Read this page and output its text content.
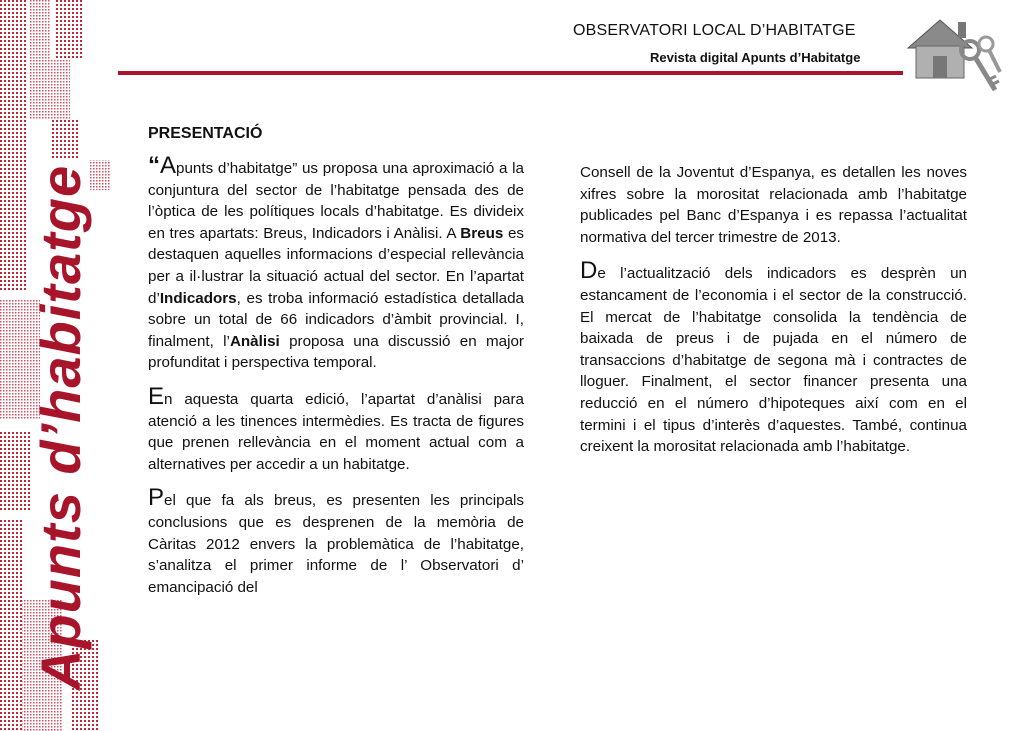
Apunts d’habitatge
OBSERVATORI LOCAL D’HABITATGE
Revista digital Apunts d’Habitatge
PRESENTACIÓ

“Apunts d’habitatge” us proposa una aproximació a la conjuntura del sector de l’habitatge pensada des de l’òptica de les polítiques locals d’habitatge. Es divideix en tres apartats: Breus, Indicadors i Anàlisi. A Breus es destaquen aquelles informacions d’especial rellevància per a il·lustrar la situació actual del sector. En l’apartat d’Indicadors, es troba informació estadística detallada sobre un total de 66 indicadors d’àmbit provincial. I, finalment, l’Anàlisi proposa una discussió en major profunditat i perspectiva temporal.

En aquesta quarta edició, l’apartat d’anàlisi para atenció a les tinences intermèdies. Es tracta de figures que prenen rellevància en el moment actual com a alternatives per accedir a un habitatge.

Pel que fa als breus, es presenten les principals conclusions que es desprenen de la memòria de Càritas 2012 envers la problemàtica de l’habitatge, s’analitza el primer informe de l’ Observatori d’ emancipació del

Consell de la Joventut d’Espanya, es detallen les noves xifres sobre la morositat relacionada amb l’habitatge publicades pel Banc d’Espanya i es repassa l’actualitat normativa del tercer trimestre de 2013.

De l’actualització dels indicadors es desprèn un estancament de l’economia i el sector de la construcció. El mercat de l’habitatge consolida la tendència de baixada de preus i de pujada en el número de transaccions d’habitatge de segona mà i contractes de lloguer. Finalment, el sector financer presenta una reducció en el número d’hipoteques així com en el termini i el tipus d’interès d’aquestes. També, continua creixent la morositat relacionada amb l’habitatge.
